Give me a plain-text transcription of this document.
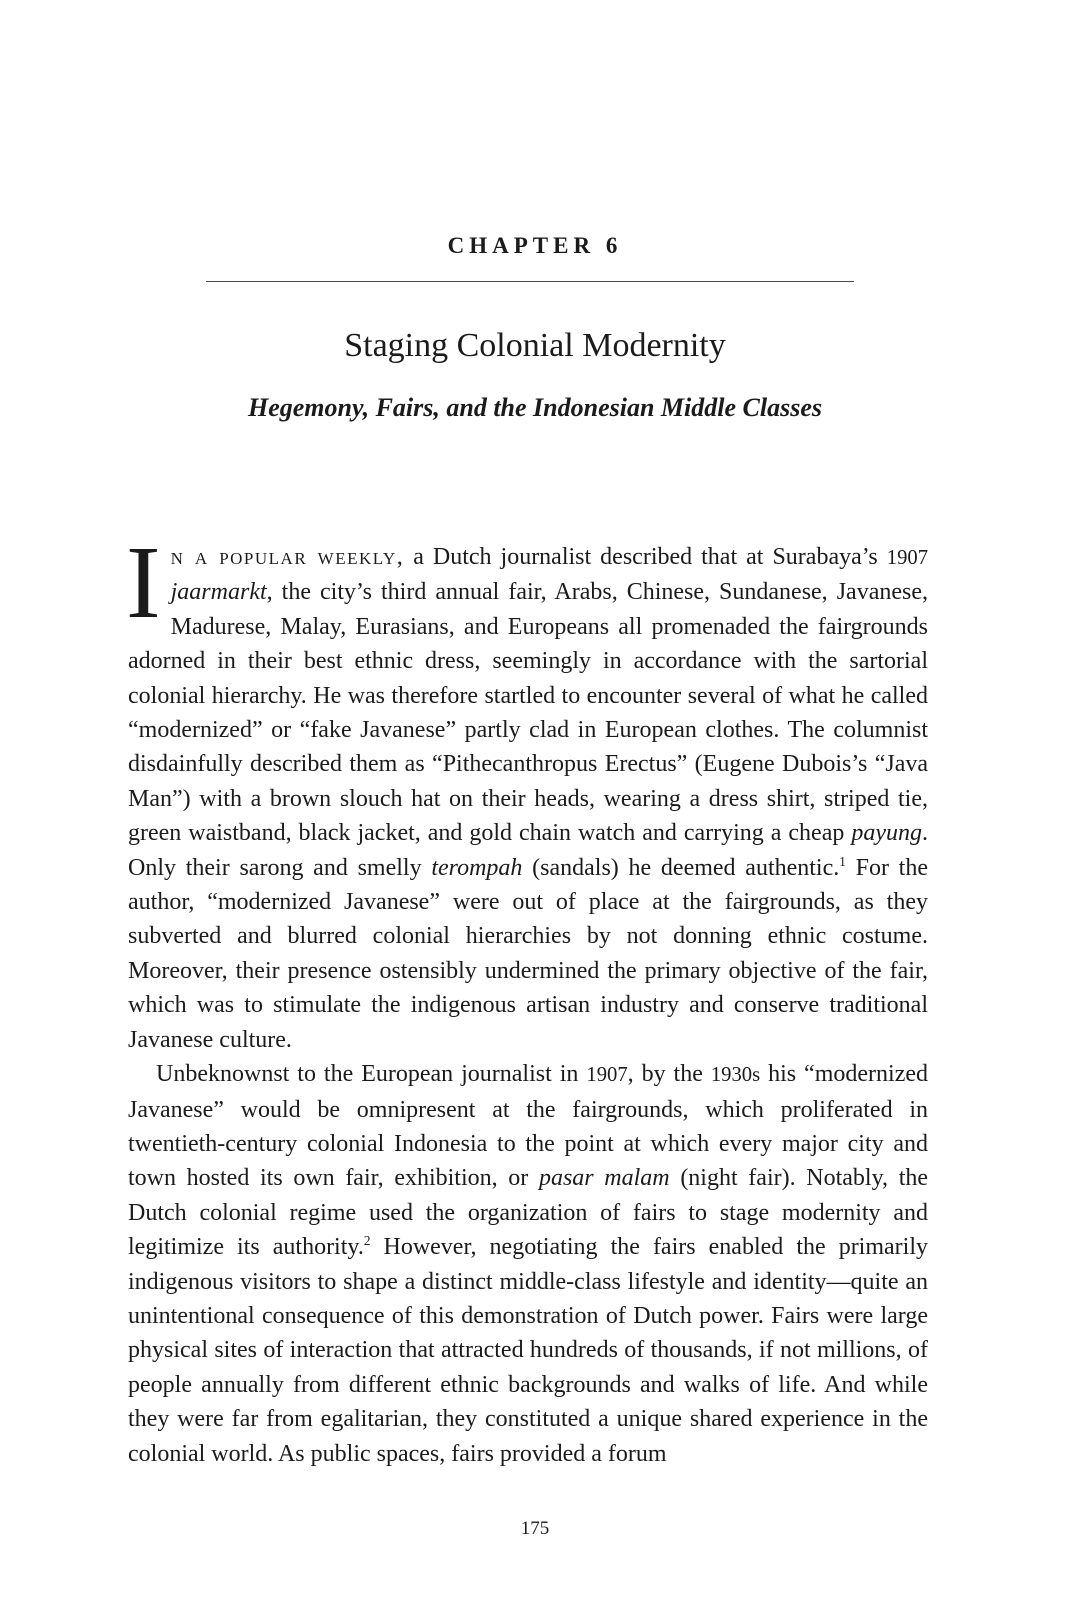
CHAPTER 6
Staging Colonial Modernity
Hegemony, Fairs, and the Indonesian Middle Classes

In a popular weekly, a Dutch journalist described that at Surabaya’s 1907 jaarmarkt, the city’s third annual fair, Arabs, Chinese, Sundanese, Javanese, Madurese, Malay, Eurasians, and Europeans all promenaded the fairgrounds adorned in their best ethnic dress, seemingly in accordance with the sartorial colonial hierarchy. He was therefore startled to encounter several of what he called “modernized” or “fake Javanese” partly clad in European clothes. The columnist disdainfully described them as “Pithecanthropus Erectus” (Eugene Dubois’s “Java Man”) with a brown slouch hat on their heads, wearing a dress shirt, striped tie, green waistband, black jacket, and gold chain watch and carrying a cheap payung. Only their sarong and smelly terompah (sandals) he deemed authentic.$^1$ For the author, “modernized Javanese” were out of place at the fairgrounds, as they subverted and blurred colonial hierarchies by not donning ethnic costume. Moreover, their presence ostensibly undermined the primary objective of the fair, which was to stimulate the indigenous artisan industry and conserve traditional Javanese culture.

Unbeknownst to the European journalist in 1907, by the 1930s his “modernized Javanese” would be omnipresent at the fairgrounds, which proliferated in twentieth-century colonial Indonesia to the point at which every major city and town hosted its own fair, exhibition, or pasar malam (night fair). Notably, the Dutch colonial regime used the organization of fairs to stage modernity and legitimize its authority.$^2$ However, negotiating the fairs enabled the primarily indigenous visitors to shape a distinct middle-class lifestyle and identity—quite an unintentional consequence of this demonstration of Dutch power. Fairs were large physical sites of interaction that attracted hundreds of thousands, if not millions, of people annually from different ethnic backgrounds and walks of life. And while they were far from egalitarian, they constituted a unique shared experience in the colonial world. As public spaces, fairs provided a forum

175
